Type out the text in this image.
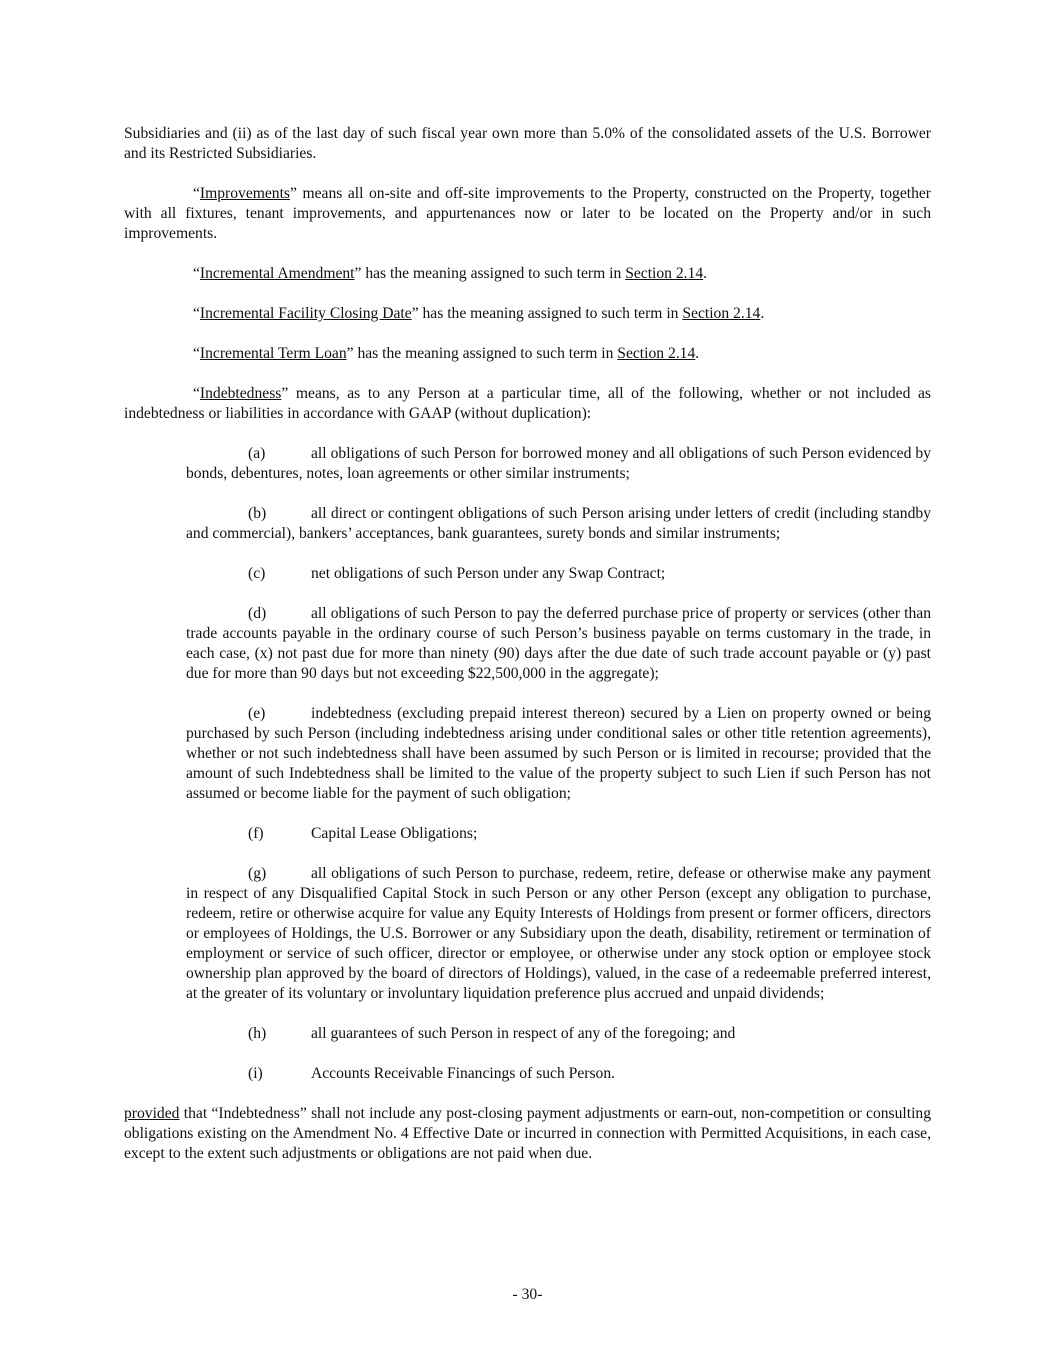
Subsidiaries and (ii) as of the last day of such fiscal year own more than 5.0% of the consolidated assets of the U.S. Borrower and its Restricted Subsidiaries.

“Improvements” means all on-site and off-site improvements to the Property, constructed on the Property, together with all fixtures, tenant improvements, and appurtenances now or later to be located on the Property and/or in such improvements.

“Incremental Amendment” has the meaning assigned to such term in Section 2.14.

“Incremental Facility Closing Date” has the meaning assigned to such term in Section 2.14.

“Incremental Term Loan” has the meaning assigned to such term in Section 2.14.

“Indebtedness” means, as to any Person at a particular time, all of the following, whether or not included as indebtedness or liabilities in accordance with GAAP (without duplication):

(a)	all obligations of such Person for borrowed money and all obligations of such Person evidenced by bonds, debentures, notes, loan agreements or other similar instruments;

(b)	all direct or contingent obligations of such Person arising under letters of credit (including standby and commercial), bankers’ acceptances, bank guarantees, surety bonds and similar instruments;

(c)	net obligations of such Person under any Swap Contract;

(d)	all obligations of such Person to pay the deferred purchase price of property or services (other than trade accounts payable in the ordinary course of such Person’s business payable on terms customary in the trade, in each case, (x) not past due for more than ninety (90) days after the due date of such trade account payable or (y) past due for more than 90 days but not exceeding $22,500,000 in the aggregate);

(e)	indebtedness (excluding prepaid interest thereon) secured by a Lien on property owned or being purchased by such Person (including indebtedness arising under conditional sales or other title retention agreements), whether or not such indebtedness shall have been assumed by such Person or is limited in recourse; provided that the amount of such Indebtedness shall be limited to the value of the property subject to such Lien if such Person has not assumed or become liable for the payment of such obligation;

(f)	Capital Lease Obligations;

(g)	all obligations of such Person to purchase, redeem, retire, defease or otherwise make any payment in respect of any Disqualified Capital Stock in such Person or any other Person (except any obligation to purchase, redeem, retire or otherwise acquire for value any Equity Interests of Holdings from present or former officers, directors or employees of Holdings, the U.S. Borrower or any Subsidiary upon the death, disability, retirement or termination of employment or service of such officer, director or employee, or otherwise under any stock option or employee stock ownership plan approved by the board of directors of Holdings), valued, in the case of a redeemable preferred interest, at the greater of its voluntary or involuntary liquidation preference plus accrued and unpaid dividends;

(h)	all guarantees of such Person in respect of any of the foregoing; and

(i)	Accounts Receivable Financings of such Person.

provided that “Indebtedness” shall not include any post-closing payment adjustments or earn-out, non-competition or consulting obligations existing on the Amendment No. 4 Effective Date or incurred in connection with Permitted Acquisitions, in each case, except to the extent such adjustments or obligations are not paid when due.

- 30-
